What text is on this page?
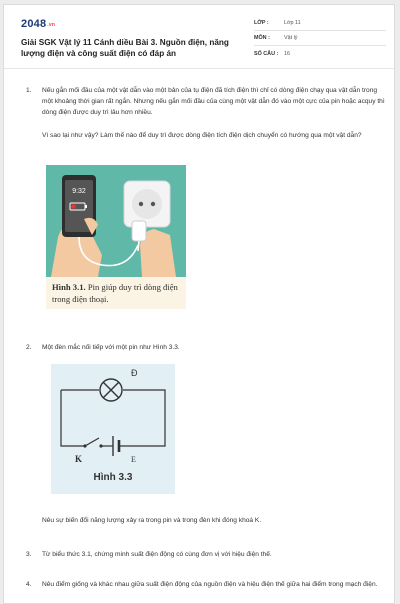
2048.vn
Giải SGK Vật lý 11 Cánh diều Bài 3. Nguồn điện, năng lượng điện và công suất điện có đáp án
LỚP :	Lớp 11
MÔN :	Vật lý
SỐ CÂU :	16
1. Nếu gắn mối đầu của một vật dẫn vào một bản của tụ điện đã tích điện thì chỉ có dòng điện chạy qua vật dẫn trong một khoảng thời gian rất ngắn. Nhưng nếu gắn mối đầu của cùng một vật dẫn đó vào một cực của pin hoặc acquy thì dòng điện được duy trì lâu hơn nhiều.
Vì sao lại như vậy? Làm thế nào để duy trì được dòng điện tích điện dịch chuyển có hướng qua một vật dẫn?
9:32
Hình 3.1. Pin giúp duy trì dòng điện trong điện thoại.
2. Một đèn mắc nối tiếp với một pin như Hình 3.3.
Đ
K	E
Hình 3.3
Nêu sự biến đổi năng lượng xảy ra trong pin và trong đèn khi đóng khoá K.
3. Từ biểu thức 3.1, chứng minh suất điện động có cùng đơn vị với hiệu điện thế.
4. Nêu điểm giống và khác nhau giữa suất điện động của nguồn điện và hiệu điện thế giữa hai điểm trong mạch điện.
